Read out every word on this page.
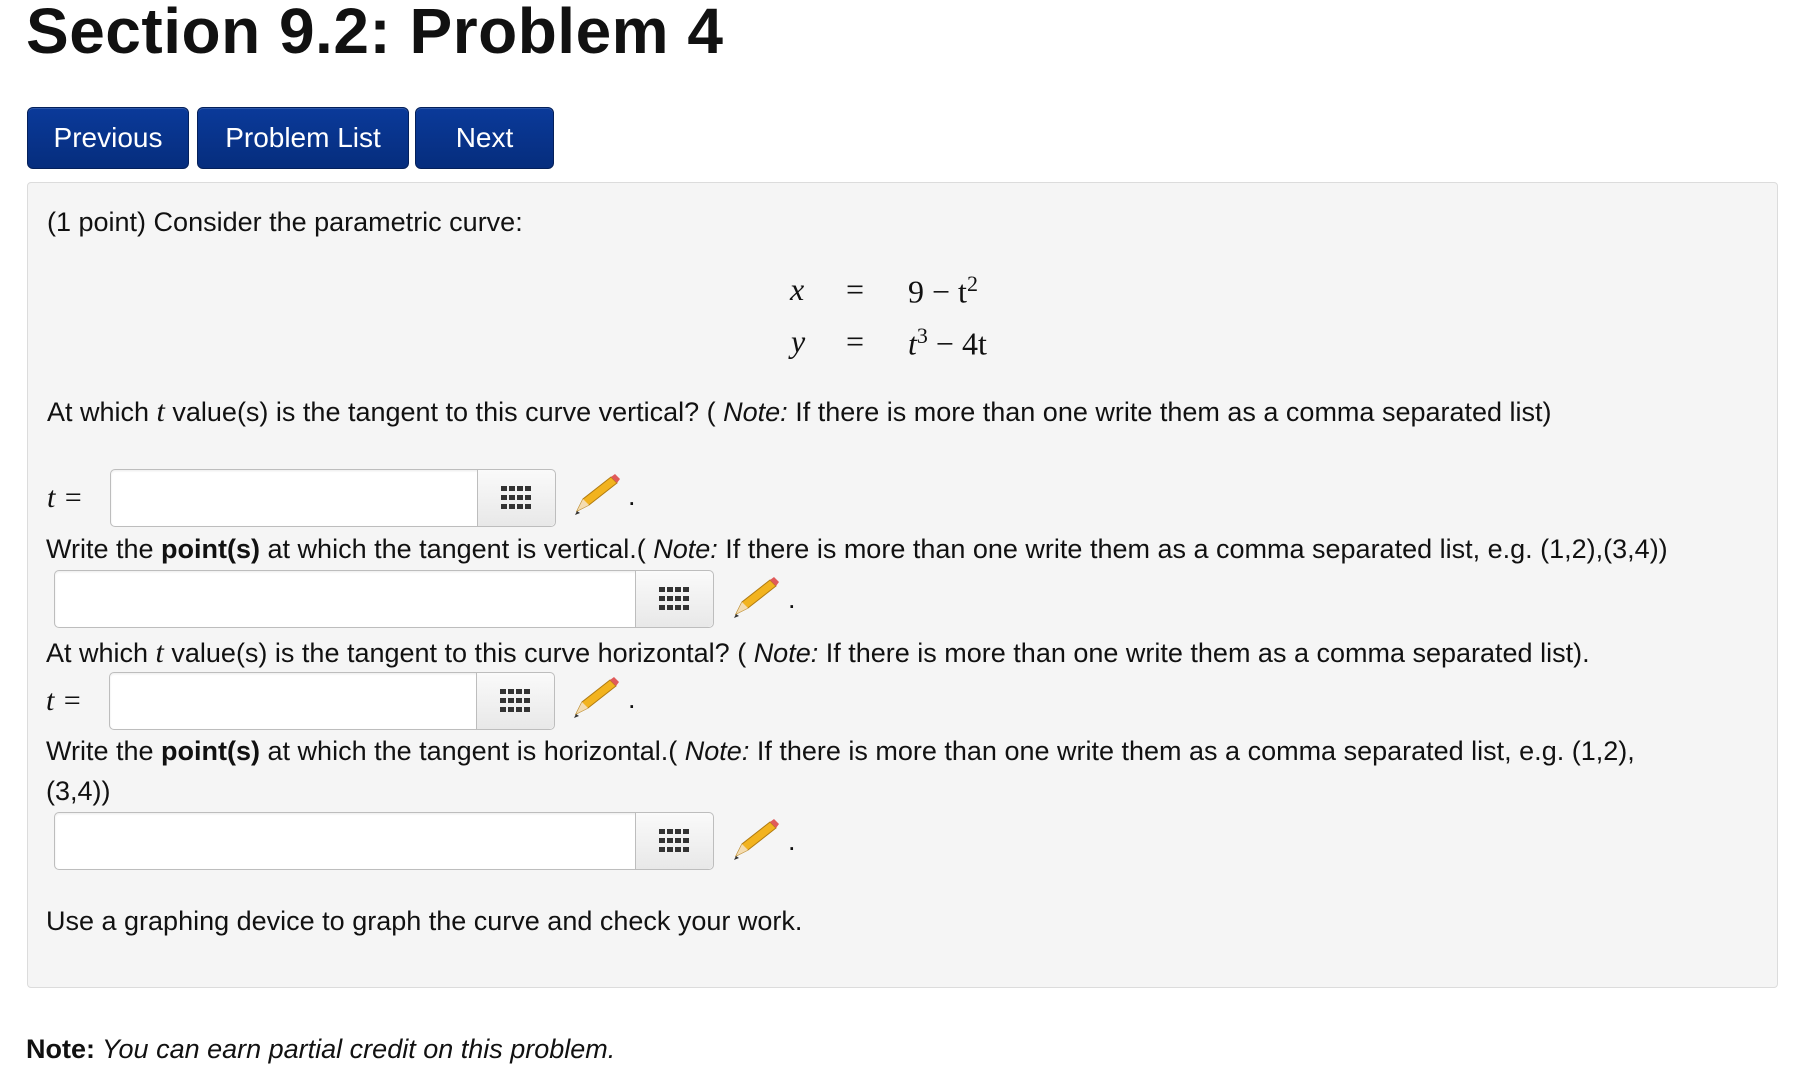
Section 9.2: Problem 4
Previous	Problem List	Next
(1 point) Consider the parametric curve:
$x = 9 - t^2$
$y = t^3 - 4t$
At which t value(s) is the tangent to this curve vertical? ( Note: If there is more than one write them as a comma separated list)
t =	.
Write the point(s) at which the tangent is vertical.( Note: If there is more than one write them as a comma separated list, e.g. (1,2),(3,4))
.
At which t value(s) is the tangent to this curve horizontal? ( Note: If there is more than one write them as a comma separated list).
t =	.
Write the point(s) at which the tangent is horizontal.( Note: If there is more than one write them as a comma separated list, e.g. (1,2),
(3,4))
.
Use a graphing device to graph the curve and check your work.
Note: You can earn partial credit on this problem.
